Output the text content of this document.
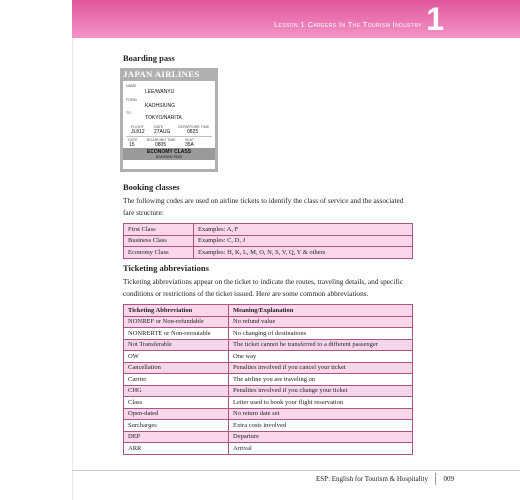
Lesson 1 Careers In The Tourism Industry 1
Boarding pass
JAPAN AIRLINES
NAME
LEE/WANYU
FORM
KAOHSIUNG
TO
TOKYO/NARITA
FLIGHT	DATE	DEPARTURE TIME
JL812 27AUG	0825
GATE	BOARDING TIME	SEAT
15	0805	35A
ECONOMY CLASS
BOARDING PASS
Booking classes
The following codes are used on airline tickets to identify the class of service and the associated fare structure:
First Class	Examples: A, F
Business Class	Examples: C, D, J
Economy Class	Examples: H, K, L, M, O, N, S, V, Q, Y & others
Ticketing abbreviations
Ticketing abbreviations appear on the ticket to indicate the routes, traveling details, and specific conditions or restrictions of the ticket issued. Here are some common abbreviations.
Ticketing Abbreviation	Meaning/Explanation
NONREF or Non-refundable	No refund value
NONRERTE or Non-reroutable	No changing of destinations
Not Transferable	The ticket cannot be transferred to a different passenger
OW	One way
Cancellation	Penalties involved if you cancel your ticket
Carrier	The airline you are traveling on
CHG	Penalties involved if you change your ticket
Class	Letter used to book your flight reservation
Open-dated	No return date set
Surcharges	Extra costs involved
DEP	Departure
ARR	Arrival
ESP: English for Tourism & Hospitality 009
